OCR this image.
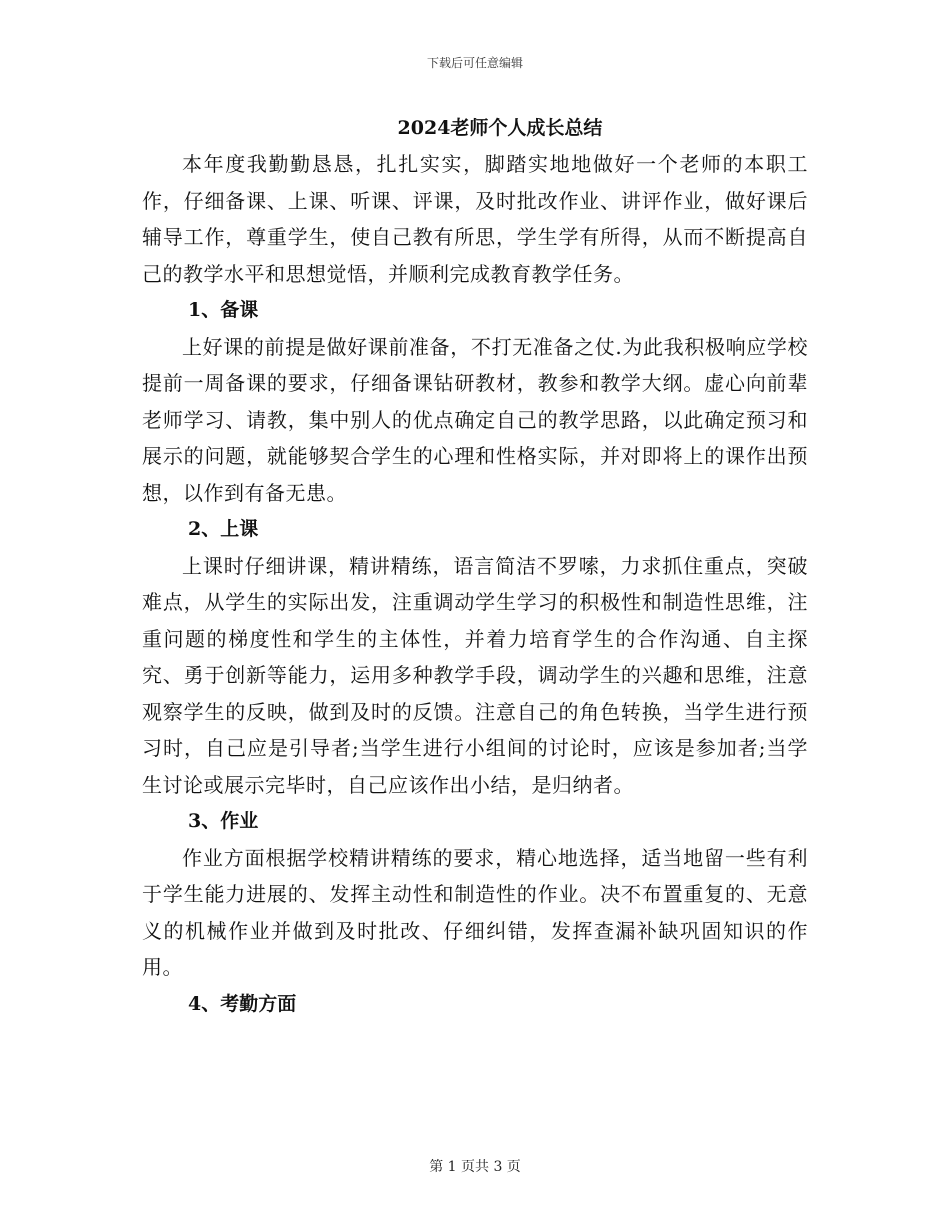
下载后可任意编辑
2024老师个人成长总结

本年度我勤勤恳恳，扎扎实实，脚踏实地地做好一个老师的本职工作，仔细备课、上课、听课、评课，及时批改作业、讲评作业，做好课后辅导工作，尊重学生，使自己教有所思，学生学有所得，从而不断提高自己的教学水平和思想觉悟，并顺利完成教育教学任务。

1、备课

上好课的前提是做好课前准备，不打无准备之仗.为此我积极响应学校提前一周备课的要求，仔细备课钻研教材，教参和教学大纲。虚心向前辈老师学习、请教，集中别人的优点确定自己的教学思路，以此确定预习和展示的问题，就能够契合学生的心理和性格实际，并对即将上的课作出预想，以作到有备无患。

2、上课

上课时仔细讲课，精讲精练，语言简洁不罗嗦，力求抓住重点，突破难点，从学生的实际出发，注重调动学生学习的积极性和制造性思维，注重问题的梯度性和学生的主体性，并着力培育学生的合作沟通、自主探究、勇于创新等能力，运用多种教学手段，调动学生的兴趣和思维，注意观察学生的反映，做到及时的反馈。注意自己的角色转换，当学生进行预习时，自己应是引导者;当学生进行小组间的讨论时，应该是参加者;当学生讨论或展示完毕时，自己应该作出小结，是归纳者。

3、作业

作业方面根据学校精讲精练的要求，精心地选择，适当地留一些有利于学生能力进展的、发挥主动性和制造性的作业。决不布置重复的、无意义的机械作业并做到及时批改、仔细纠错，发挥查漏补缺巩固知识的作用。

4、考勤方面
第 1 页共 3 页
